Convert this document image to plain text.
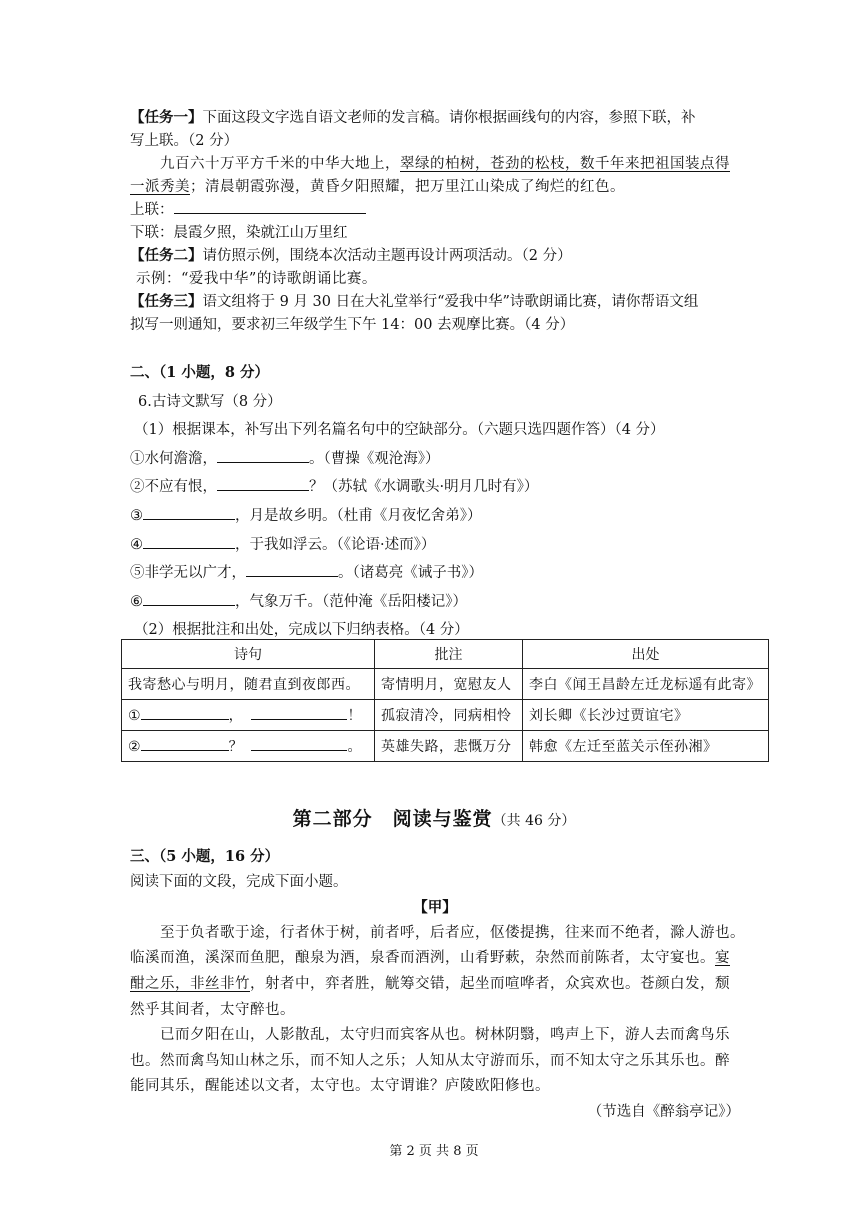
【任务一】下面这段文字选自语文老师的发言稿。请你根据画线句的内容，参照下联，补
写上联。（2 分）
九百六十万平方千米的中华大地上，翠绿的柏树，苍劲的松枝，数千年来把祖国装点得
一派秀美；清晨朝霞弥漫，黄昏夕阳照耀，把万里江山染成了绚烂的红色。
上联：
下联：晨霞夕照，染就江山万里红
【任务二】请仿照示例，围绕本次活动主题再设计两项活动。（2 分）
示例：“爱我中华”的诗歌朗诵比赛。
【任务三】语文组将于 9 月 30 日在大礼堂举行“爱我中华”诗歌朗诵比赛，请你帮语文组
拟写一则通知，要求初三年级学生下午 14：00 去观摩比赛。（4 分）
二、（1 小题，8 分）
6.古诗文默写（8 分）
（1）根据课本，补写出下列名篇名句中的空缺部分。（六题只选四题作答）（4 分）
①水何澹澹，	。（曹操《观沧海》）
②不应有恨，	？（苏轼《水调歌头·明月几时有》）
③	，月是故乡明。（杜甫《月夜忆舍弟》）
④	，于我如浮云。（《论语·述而》）
⑤非学无以广才，	。（诸葛亮《诫子书》）
⑥	，气象万千。（范仲淹《岳阳楼记》）
（2）根据批注和出处，完成以下归纳表格。（4 分）
诗句	批注	出处
我寄愁心与明月，随君直到夜郎西。	寄情明月，宽慰友人	李白《闻王昌龄左迁龙标遥有此寄》
① ， ！	孤寂清冷，同病相怜	刘长卿《长沙过贾谊宅》
② ？ 。	英雄失路，悲慨万分	韩愈《左迁至蓝关示侄孙湘》
第二部分　阅读与鉴赏（共 46 分）
三、（5 小题，16 分）
阅读下面的文段，完成下面小题。
【甲】
至于负者歌于途，行者休于树，前者呼，后者应，伛偻提携，往来而不绝者，滁人游也。
临溪而渔，溪深而鱼肥，酿泉为酒，泉香而酒洌，山肴野蔌，杂然而前陈者，太守宴也。宴
酣之乐，非丝非竹，射者中，弈者胜，觥筹交错，起坐而喧哗者，众宾欢也。苍颜白发，颓
然乎其间者，太守醉也。
已而夕阳在山，人影散乱，太守归而宾客从也。树林阴翳，鸣声上下，游人去而禽鸟乐
也。然而禽鸟知山林之乐，而不知人之乐；人知从太守游而乐，而不知太守之乐其乐也。醉
能同其乐，醒能述以文者，太守也。太守谓谁？庐陵欧阳修也。
（节选自《醉翁亭记》）
第 2 页 共 8 页
